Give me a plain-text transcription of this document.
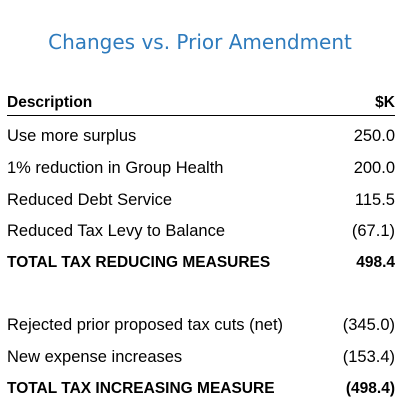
Changes vs. Prior Amendment
Description	$K
Use more surplus	250.0
1% reduction in Group Health	200.0
Reduced Debt Service	115.5
Reduced Tax Levy to Balance	(67.1)
TOTAL TAX REDUCING MEASURES	498.4
Rejected prior proposed tax cuts (net)	(345.0)
New expense increases	(153.4)
TOTAL TAX INCREASING MEASURE	(498.4)
